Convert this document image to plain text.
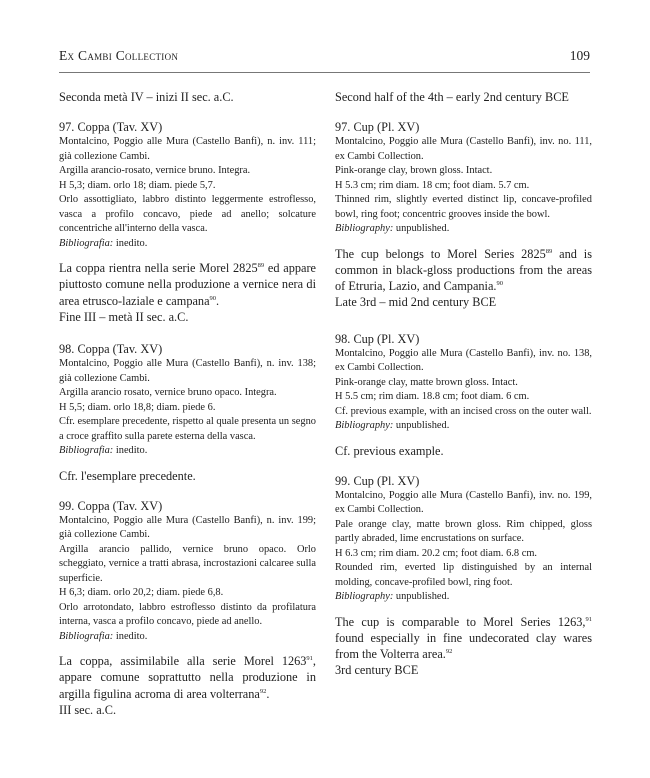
Ex Cambi Collection	109

Seconda metà IV – inizi II sec. a.C.

97. Coppa (Tav. XV)

Montalcino, Poggio alle Mura (Castello Banfi), n. inv. 111; già collezione Cambi.

Argilla arancio-rosato, vernice bruno. Integra.

H 5,3; diam. orlo 18; diam. piede 5,7.

Orlo assottigliato, labbro distinto leggermente estroflesso, vasca a profilo concavo, piede ad anello; solcature concentriche all'interno della vasca.

Bibliografia: inedito.

La coppa rientra nella serie Morel 2825$^{89}$ ed appare piuttosto comune nella produzione a vernice nera di area etrusco-laziale e campana$^{90}$.

Fine III – metà II sec. a.C.

98. Coppa (Tav. XV)

Montalcino, Poggio alle Mura (Castello Banfi), n. inv. 138; già collezione Cambi.

Argilla arancio rosato, vernice bruno opaco. Integra.

H 5,5; diam. orlo 18,8; diam. piede 6.

Cfr. esemplare precedente, rispetto al quale presenta un segno a croce graffito sulla parete esterna della vasca.

Bibliografia: inedito.

Cfr. l'esemplare precedente.

99. Coppa (Tav. XV)

Montalcino, Poggio alle Mura (Castello Banfi), n. inv. 199; già collezione Cambi.

Argilla arancio pallido, vernice bruno opaco. Orlo scheggiato, vernice a tratti abrasa, incrostazioni calcaree sulla superficie.

H 6,3; diam. orlo 20,2; diam. piede 6,8.

Orlo arrotondato, labbro estroflesso distinto da profilatura interna, vasca a profilo concavo, piede ad anello.

Bibliografia: inedito.

La coppa, assimilabile alla serie Morel 1263$^{91}$, appare comune soprattutto nella produzione in argilla figulina acroma di area volterrana$^{92}$.

III sec. a.C.

Second half of the 4th – early 2nd century BCE

97. Cup (Pl. XV)

Montalcino, Poggio alle Mura (Castello Banfi), inv. no. 111, ex Cambi Collection.

Pink-orange clay, brown gloss. Intact.

H 5.3 cm; rim diam. 18 cm; foot diam. 5.7 cm.

Thinned rim, slightly everted distinct lip, concave-profiled bowl, ring foot; concentric grooves inside the bowl.

Bibliography: unpublished.

The cup belongs to Morel Series 2825$^{89}$ and is common in black-gloss productions from the areas of Etruria, Lazio, and Campania.$^{90}$

Late 3rd – mid 2nd century BCE

98. Cup (Pl. XV)

Montalcino, Poggio alle Mura (Castello Banfi), inv. no. 138, ex Cambi Collection.

Pink-orange clay, matte brown gloss. Intact.

H 5.5 cm; rim diam. 18.8 cm; foot diam. 6 cm.

Cf. previous example, with an incised cross on the outer wall.

Bibliography: unpublished.

Cf. previous example.

99. Cup (Pl. XV)

Montalcino, Poggio alle Mura (Castello Banfi), inv. no. 199, ex Cambi Collection.

Pale orange clay, matte brown gloss. Rim chipped, gloss partly abraded, lime encrustations on surface.

H 6.3 cm; rim diam. 20.2 cm; foot diam. 6.8 cm.

Rounded rim, everted lip distinguished by an internal molding, concave-profiled bowl, ring foot.

Bibliography: unpublished.

The cup is comparable to Morel Series 1263,91 found especially in fine undecorated clay wares from the Volterra area.$^{92}$

3rd century BCE
